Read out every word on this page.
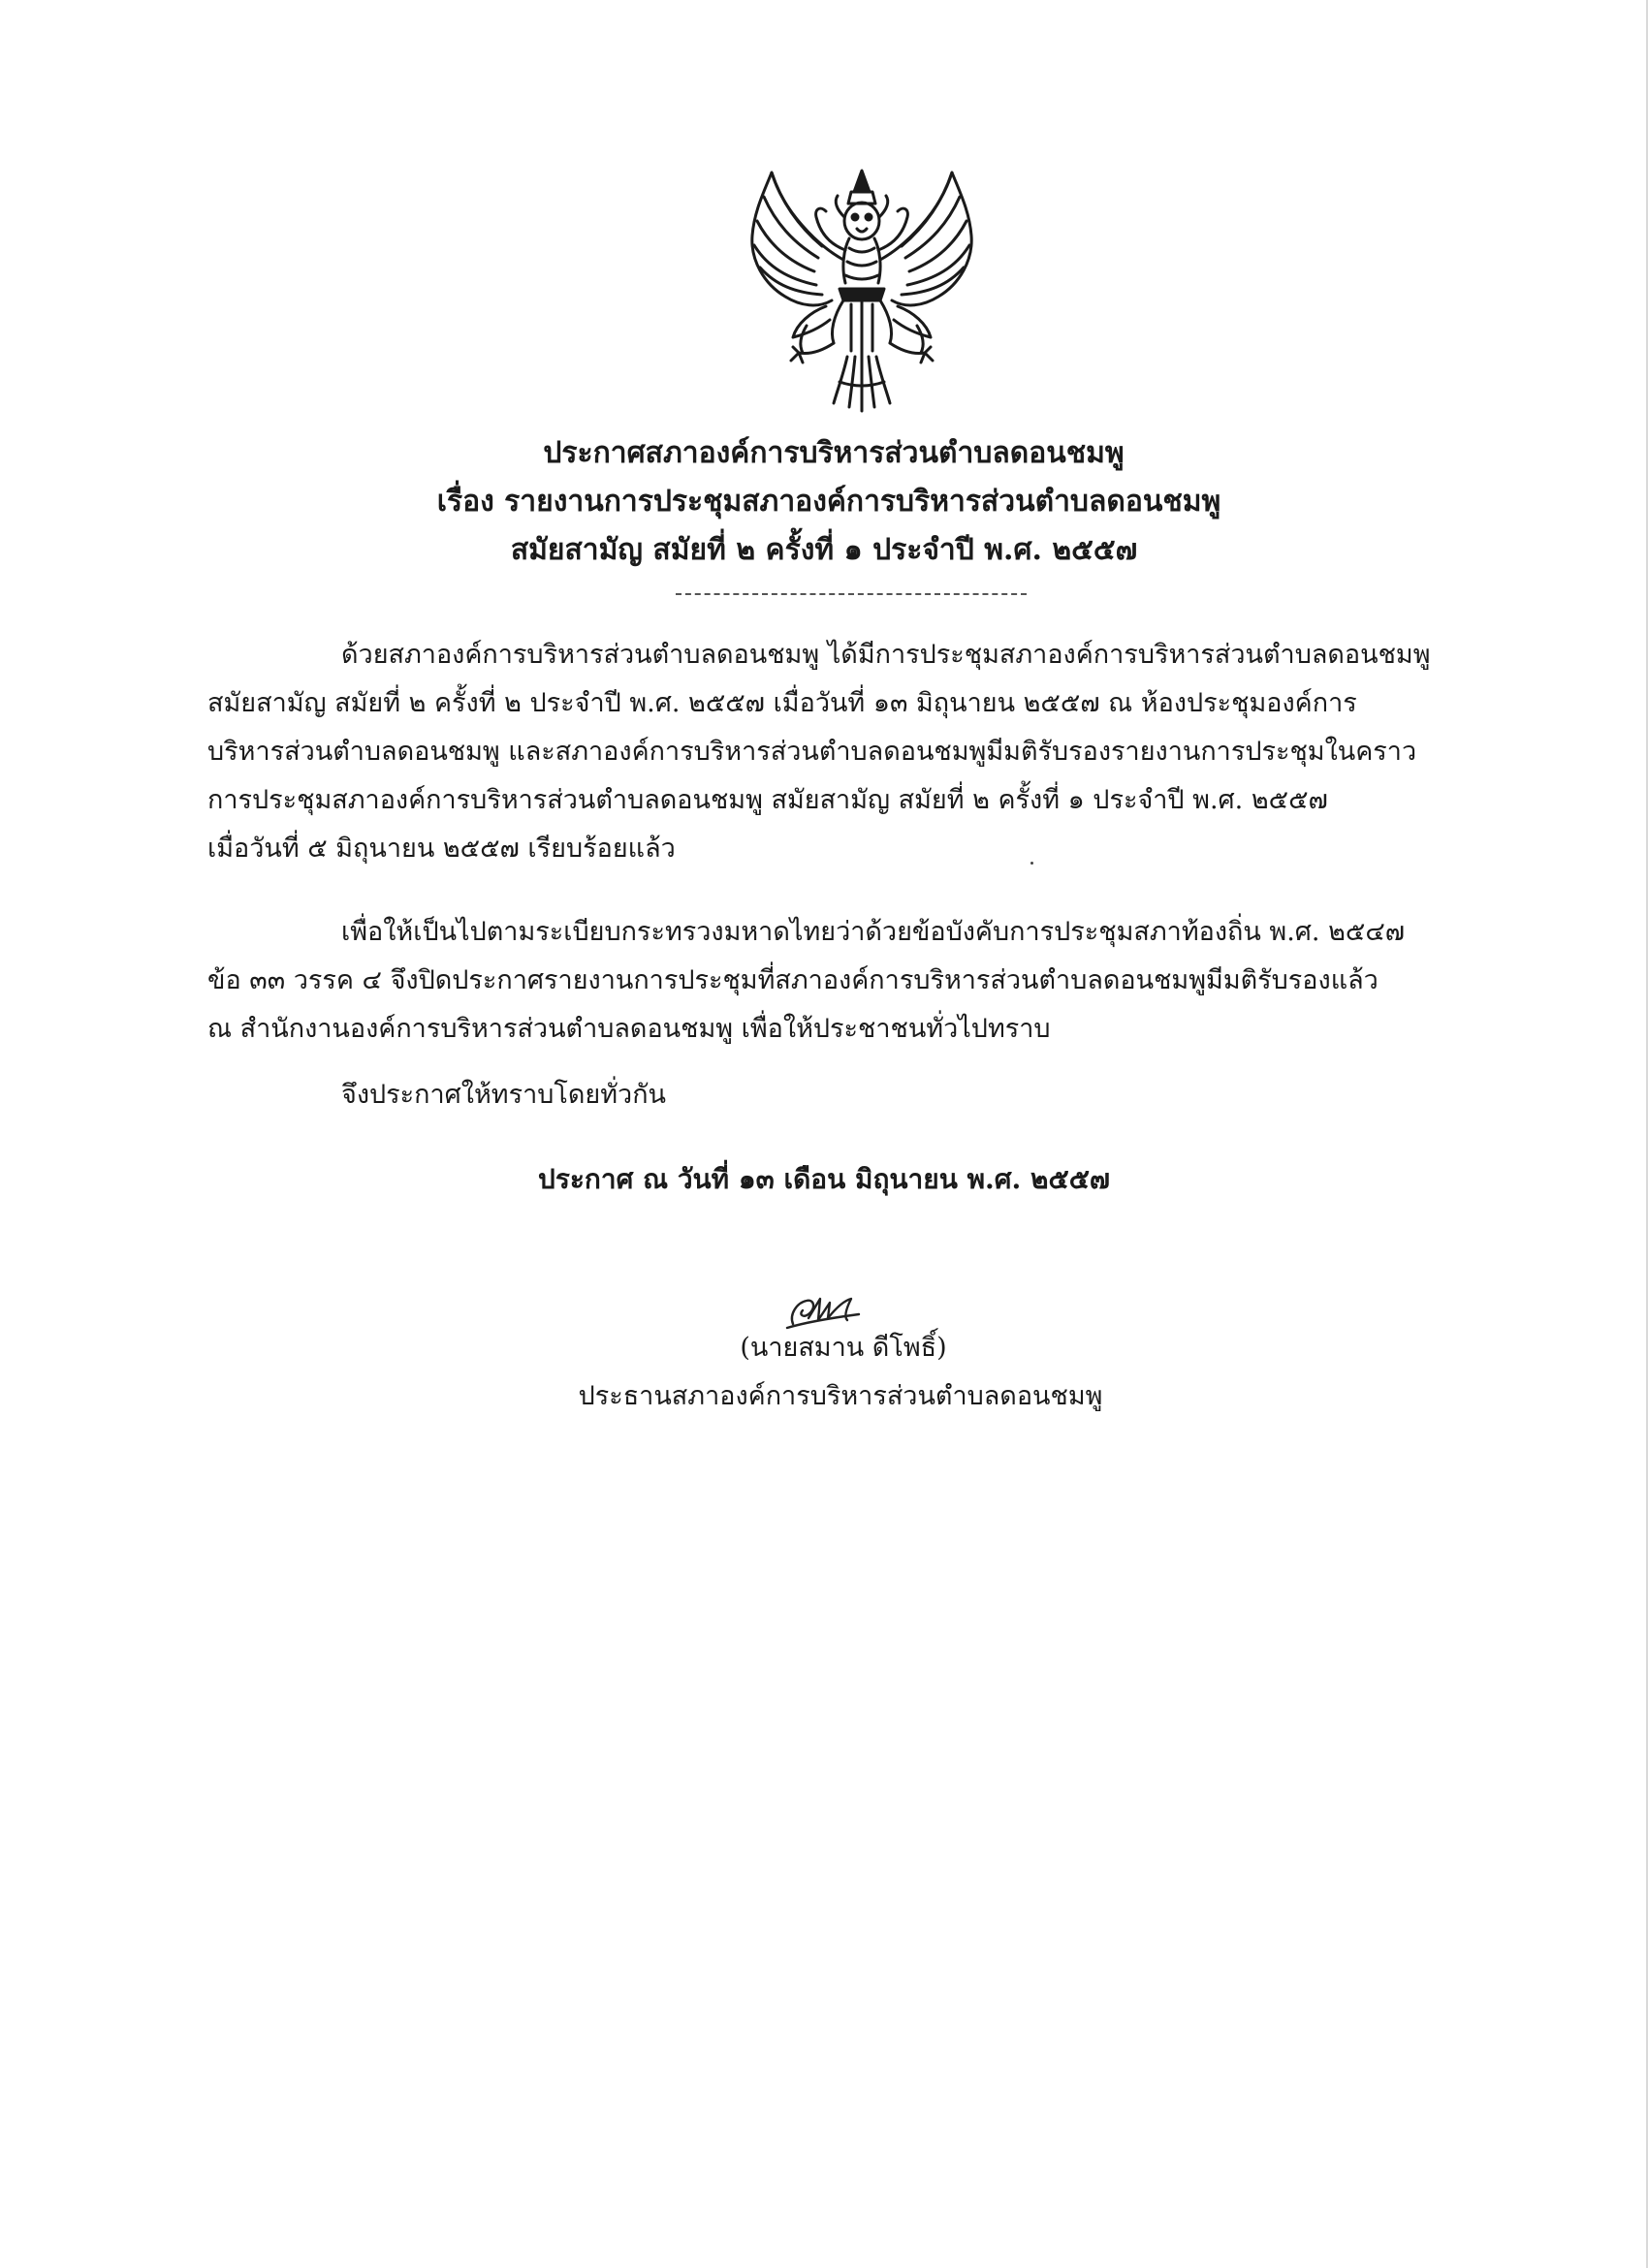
ประกาศสภาองค์การบริหารส่วนตำบลดอนชมพู
เรื่อง รายงานการประชุมสภาองค์การบริหารส่วนตำบลดอนชมพู
สมัยสามัญ สมัยที่ ๒ ครั้งที่ ๑ ประจำปี พ.ศ. ๒๕๕๗
ด้วยสภาองค์การบริหารส่วนตำบลดอนชมพู ได้มีการประชุมสภาองค์การบริหารส่วนตำบลดอนชมพู
สมัยสามัญ สมัยที่ ๒ ครั้งที่ ๒ ประจำปี พ.ศ. ๒๕๕๗ เมื่อวันที่ ๑๓ มิถุนายน ๒๕๕๗ ณ ห้องประชุมองค์การ
บริหารส่วนตำบลดอนชมพู และสภาองค์การบริหารส่วนตำบลดอนชมพูมีมติรับรองรายงานการประชุมในคราว
การประชุมสภาองค์การบริหารส่วนตำบลดอนชมพู สมัยสามัญ สมัยที่ ๒ ครั้งที่ ๑ ประจำปี พ.ศ. ๒๕๕๗
เมื่อวันที่ ๕ มิถุนายน ๒๕๕๗ เรียบร้อยแล้ว
เพื่อให้เป็นไปตามระเบียบกระทรวงมหาดไทยว่าด้วยข้อบังคับการประชุมสภาท้องถิ่น พ.ศ. ๒๕๔๗
ข้อ ๓๓ วรรค ๔ จึงปิดประกาศรายงานการประชุมที่สภาองค์การบริหารส่วนตำบลดอนชมพูมีมติรับรองแล้ว
ณ สำนักงานองค์การบริหารส่วนตำบลดอนชมพู เพื่อให้ประชาชนทั่วไปทราบ
จึงประกาศให้ทราบโดยทั่วกัน
ประกาศ ณ วันที่ ๑๓ เดือน มิถุนายน พ.ศ. ๒๕๕๗
(นายสมาน ดีโพธิ์)
ประธานสภาองค์การบริหารส่วนตำบลดอนชมพู
